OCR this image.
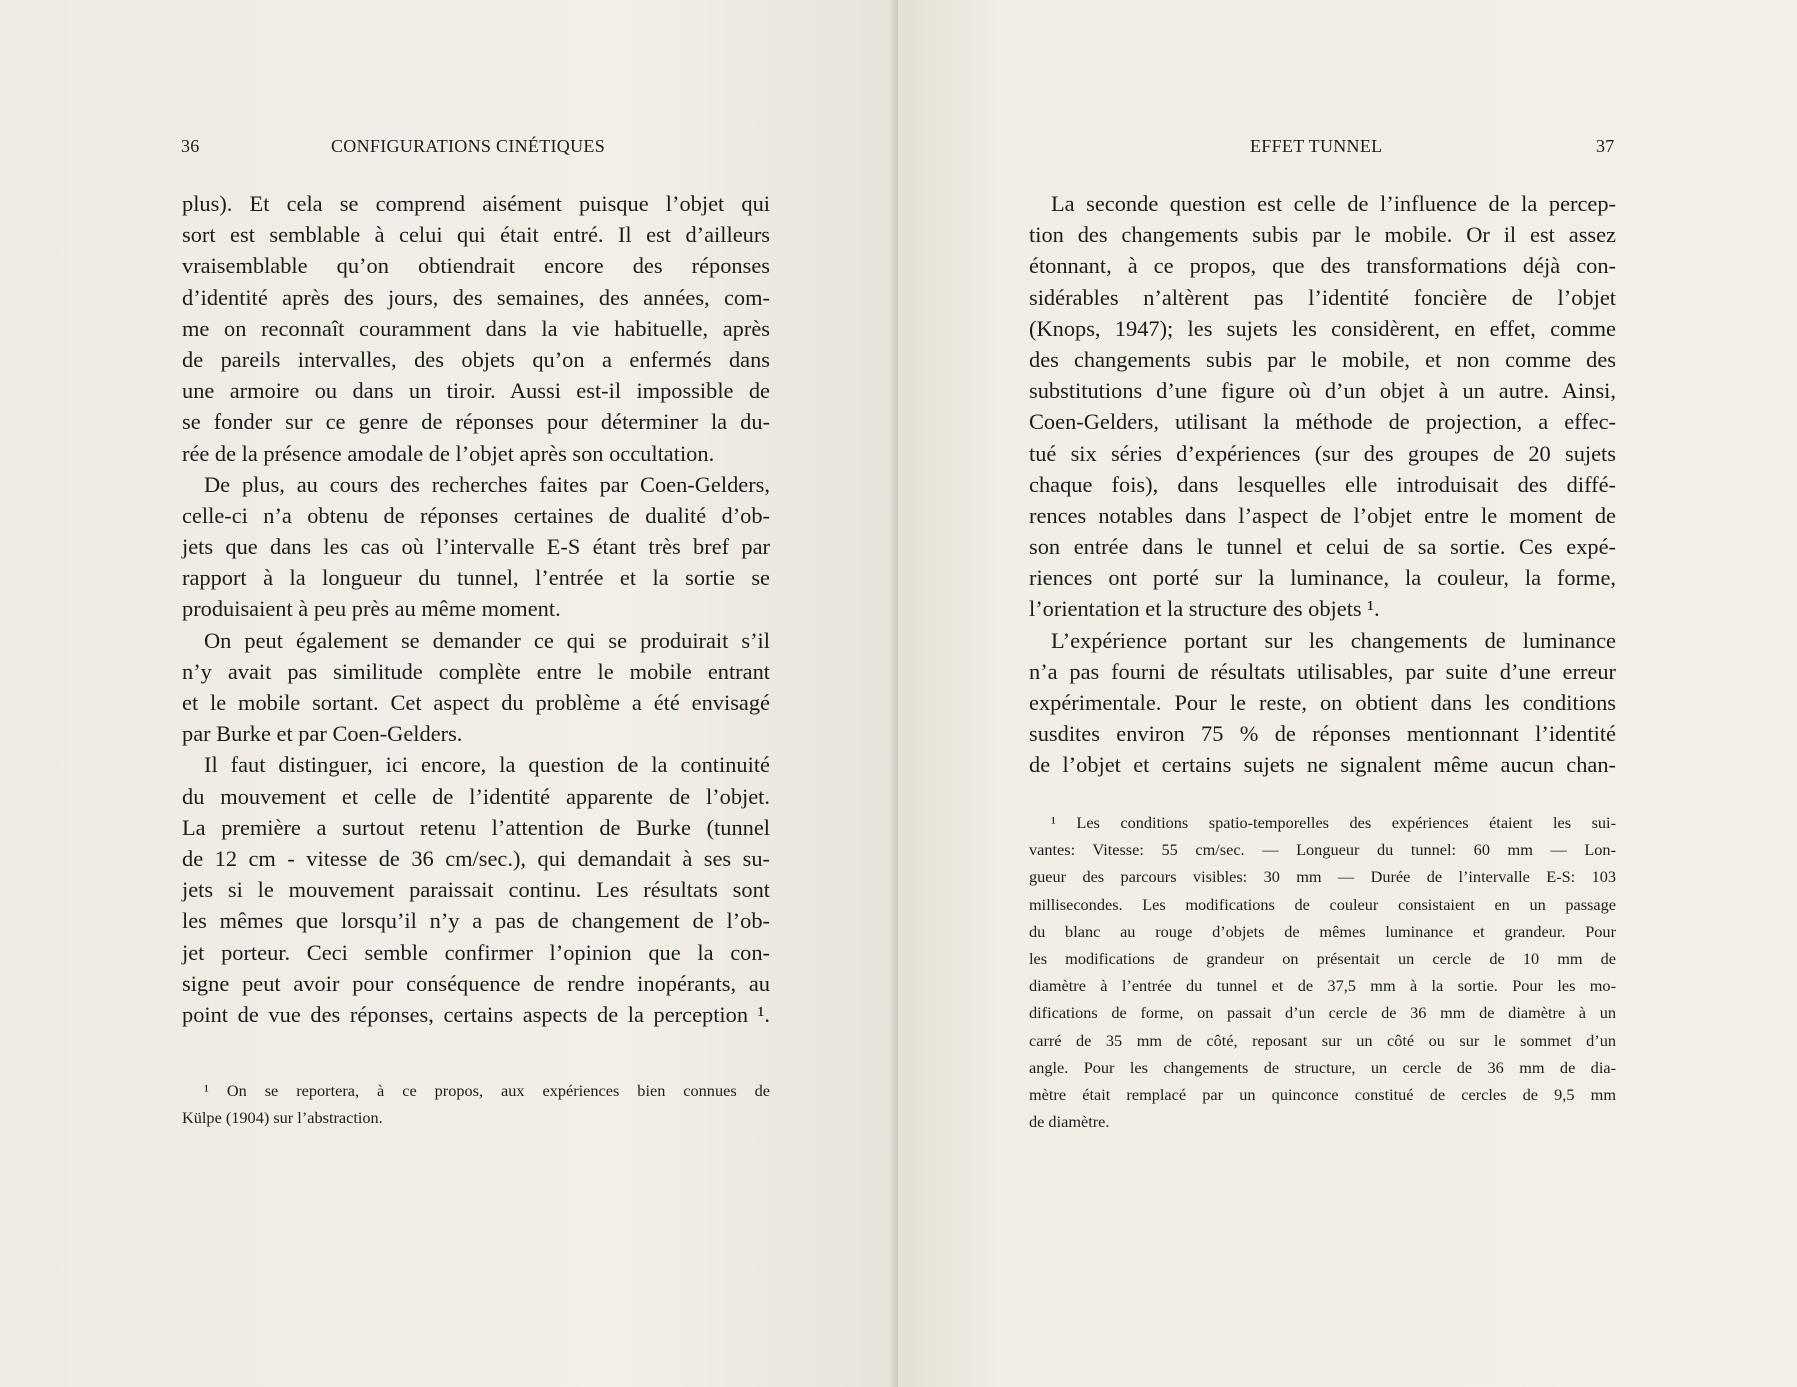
36	CONFIGURATIONS CINÉTIQUES
plus). Et cela se comprend aisément puisque l’objet qui
sort est semblable à celui qui était entré. Il est d’ailleurs
vraisemblable qu’on obtiendrait encore des réponses
d’identité après des jours, des semaines, des années, com-
me on reconnaît couramment dans la vie habituelle, après
de pareils intervalles, des objets qu’on a enfermés dans
une armoire ou dans un tiroir. Aussi est-il impossible de
se fonder sur ce genre de réponses pour déterminer la du-
rée de la présence amodale de l’objet après son occultation.
De plus, au cours des recherches faites par Coen-Gelders,
celle-ci n’a obtenu de réponses certaines de dualité d’ob-
jets que dans les cas où l’intervalle E-S étant très bref par
rapport à la longueur du tunnel, l’entrée et la sortie se
produisaient à peu près au même moment.
On peut également se demander ce qui se produirait s’il
n’y avait pas similitude complète entre le mobile entrant
et le mobile sortant. Cet aspect du problème a été envisagé
par Burke et par Coen-Gelders.
Il faut distinguer, ici encore, la question de la continuité
du mouvement et celle de l’identité apparente de l’objet.
La première a surtout retenu l’attention de Burke (tunnel
de 12 cm - vitesse de 36 cm/sec.), qui demandait à ses su-
jets si le mouvement paraissait continu. Les résultats sont
les mêmes que lorsqu’il n’y a pas de changement de l’ob-
jet porteur. Ceci semble confirmer l’opinion que la con-
signe peut avoir pour conséquence de rendre inopérants, au
point de vue des réponses, certains aspects de la perception ¹.
¹ On se reportera, à ce propos, aux expériences bien connues de
Külpe (1904) sur l’abstraction.
EFFET TUNNEL	37
La seconde question est celle de l’influence de la percep-
tion des changements subis par le mobile. Or il est assez
étonnant, à ce propos, que des transformations déjà con-
sidérables n’altèrent pas l’identité foncière de l’objet
(Knops, 1947); les sujets les considèrent, en effet, comme
des changements subis par le mobile, et non comme des
substitutions d’une figure où d’un objet à un autre. Ainsi,
Coen-Gelders, utilisant la méthode de projection, a effec-
tué six séries d’expériences (sur des groupes de 20 sujets
chaque fois), dans lesquelles elle introduisait des diffé-
rences notables dans l’aspect de l’objet entre le moment de
son entrée dans le tunnel et celui de sa sortie. Ces expé-
riences ont porté sur la luminance, la couleur, la forme,
l’orientation et la structure des objets ¹.
L’expérience portant sur les changements de luminance
n’a pas fourni de résultats utilisables, par suite d’une erreur
expérimentale. Pour le reste, on obtient dans les conditions
susdites environ 75 % de réponses mentionnant l’identité
de l’objet et certains sujets ne signalent même aucun chan-
¹ Les conditions spatio-temporelles des expériences étaient les sui-
vantes: Vitesse: 55 cm/sec. — Longueur du tunnel: 60 mm — Lon-
gueur des parcours visibles: 30 mm — Durée de l’intervalle E-S: 103
millisecondes. Les modifications de couleur consistaient en un passage
du blanc au rouge d’objets de mêmes luminance et grandeur. Pour
les modifications de grandeur on présentait un cercle de 10 mm de
diamètre à l’entrée du tunnel et de 37,5 mm à la sortie. Pour les mo-
difications de forme, on passait d’un cercle de 36 mm de diamètre à un
carré de 35 mm de côté, reposant sur un côté ou sur le sommet d’un
angle. Pour les changements de structure, un cercle de 36 mm de dia-
mètre était remplacé par un quinconce constitué de cercles de 9,5 mm
de diamètre.
